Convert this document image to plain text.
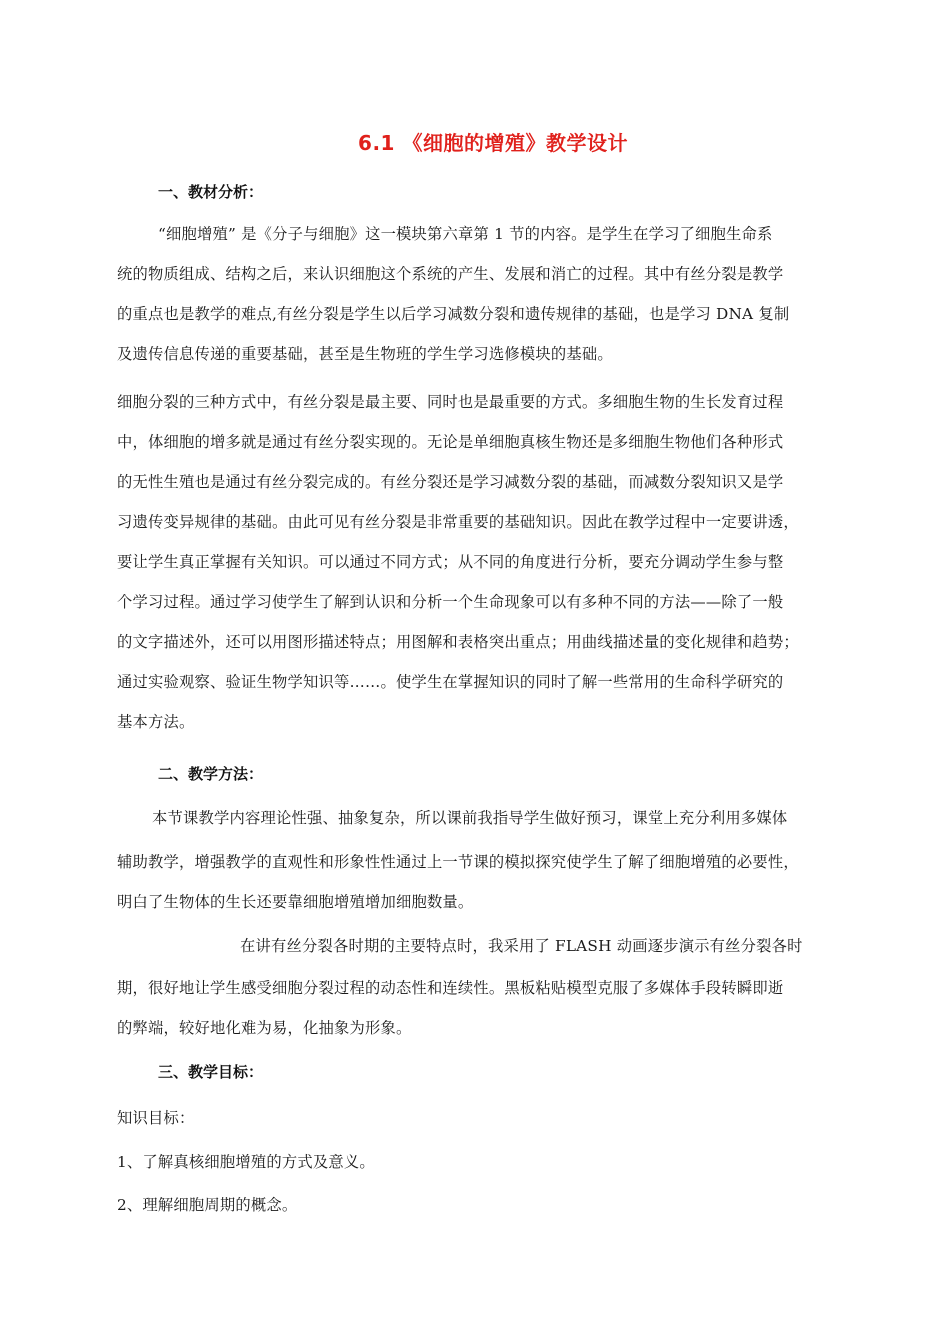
6.1 《细胞的增殖》教学设计
一、教材分析：
“细胞增殖” 是《分子与细胞》这一模块第六章第 1 节的内容。是学生在学习了细胞生命系
统的物质组成、结构之后，来认识细胞这个系统的产生、发展和消亡的过程。其中有丝分裂是教学
的重点也是教学的难点,有丝分裂是学生以后学习减数分裂和遗传规律的基础，也是学习 DNA 复制
及遗传信息传递的重要基础，甚至是生物班的学生学习选修模块的基础。
细胞分裂的三种方式中，有丝分裂是最主要、同时也是最重要的方式。多细胞生物的生长发育过程
中，体细胞的增多就是通过有丝分裂实现的。无论是单细胞真核生物还是多细胞生物他们各种形式
的无性生殖也是通过有丝分裂完成的。有丝分裂还是学习减数分裂的基础，而减数分裂知识又是学
习遗传变异规律的基础。由此可见有丝分裂是非常重要的基础知识。因此在教学过程中一定要讲透，
要让学生真正掌握有关知识。可以通过不同方式；从不同的角度进行分析，要充分调动学生参与整
个学习过程。通过学习使学生了解到认识和分析一个生命现象可以有多种不同的方法——除了一般
的文字描述外，还可以用图形描述特点；用图解和表格突出重点；用曲线描述量的变化规律和趋势；
通过实验观察、验证生物学知识等……。使学生在掌握知识的同时了解一些常用的生命科学研究的
基本方法。
二、教学方法：
本节课教学内容理论性强、抽象复杂，所以课前我指导学生做好预习，课堂上充分利用多媒体
辅助教学，增强教学的直观性和形象性性通过上一节课的模拟探究使学生了解了细胞增殖的必要性，
明白了生物体的生长还要靠细胞增殖增加细胞数量。
在讲有丝分裂各时期的主要特点时，我采用了 FLASH 动画逐步演示有丝分裂各时
期，很好地让学生感受细胞分裂过程的动态性和连续性。黑板粘贴模型克服了多媒体手段转瞬即逝
的弊端，较好地化难为易，化抽象为形象。
三、教学目标：
知识目标：
1、了解真核细胞增殖的方式及意义。
2、理解细胞周期的概念。
